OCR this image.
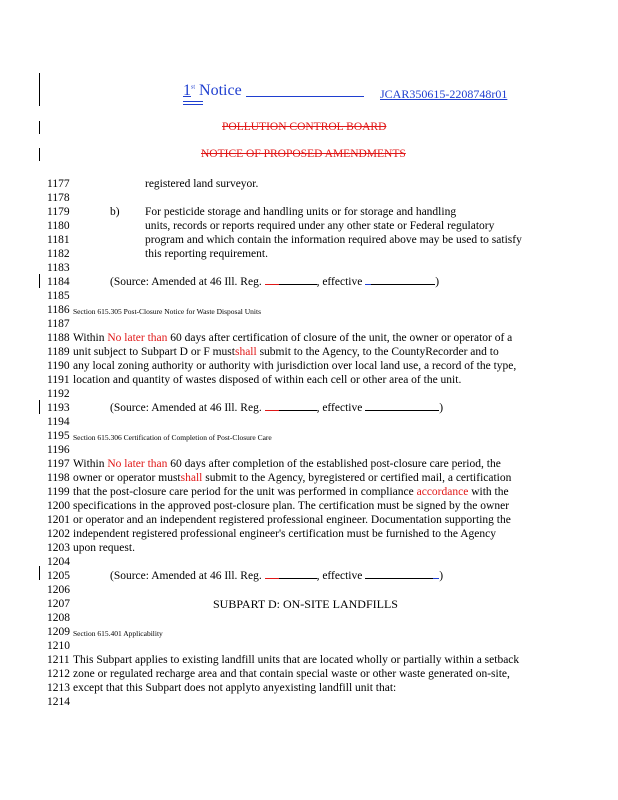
1st Notice	JCAR350615-2208748r01
POLLUTION CONTROL BOARD
NOTICE OF PROPOSED AMENDMENTS
1177	registered land surveyor.
1178
1179	b) For pesticide storage and handling units or for storage and handling
1180	units, records or reports required under any other state or Federal regulatory
1181	program and which contain the information required above may be used to satisfy
1182	this reporting requirement.
1183
1184	(Source: Amended at 46 Ill. Reg.	, effective	)
1185
1186 Section 615.305 Post-Closure Notice for Waste Disposal Units
1187
1188 Within No later than 60 days after certification of closure of the unit, the owner or operator of a
1189 unit subject to Subpart D or F mustshall submit to the Agency, to the CountyRecorder and to
1190 any local zoning authority or authority with jurisdiction over local land use, a record of the type,
1191 location and quantity of wastes disposed of within each cell or other area of the unit.
1192
1193	(Source: Amended at 46 Ill. Reg.	, effective	)
1194
1195 Section 615.306 Certification of Completion of Post-Closure Care
1196
1197 Within No later than 60 days after completion of the established post-closure care period, the
1198 owner or operator mustshall submit to the Agency, byregistered or certified mail, a certification
1199 that the post-closure care period for the unit was performed in compliance accordance with the
1200 specifications in the approved post-closure plan. The certification must be signed by the owner
1201 or operator and an independent registered professional engineer. Documentation supporting the
1202 independent registered professional engineer's certification must be furnished to the Agency
1203 upon request.
1204
1205	(Source: Amended at 46 Ill. Reg.	, effective	)
1206
1207	SUBPART D: ON-SITE LANDFILLS
1208
1209 Section 615.401 Applicability
1210
1211 This Subpart applies to existing landfill units that are located wholly or partially within a setback
1212 zone or regulated recharge area and that contain special waste or other waste generated on-site,
1213 except that this Subpart does not applyto anyexisting landfill unit that:
1214
